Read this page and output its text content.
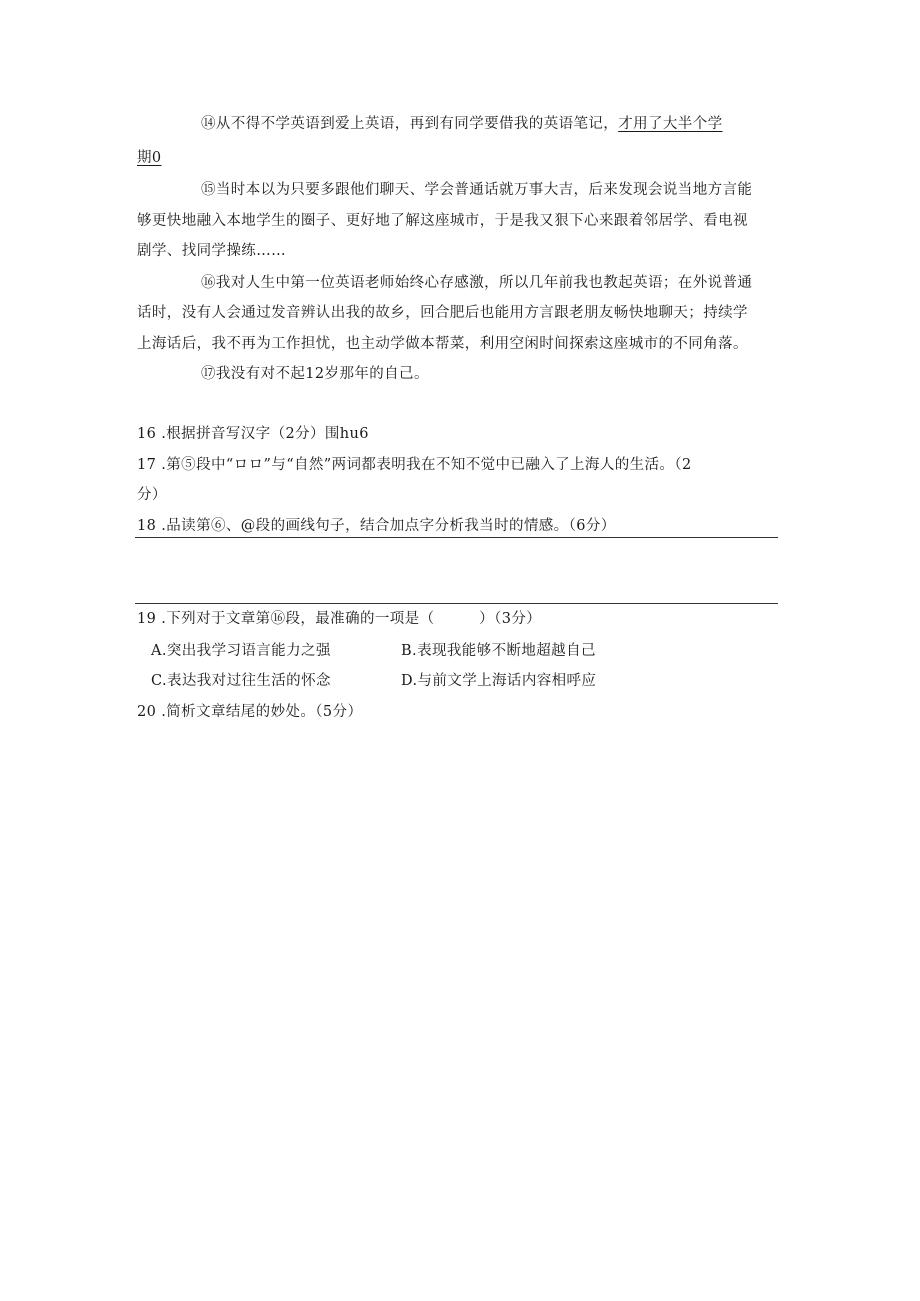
⑭从不得不学英语到爱上英语，再到有同学要借我的英语笔记，才用了大半个学
期0
⑮当时本以为只要多跟他们聊天、学会普通话就万事大吉，后来发现会说当地方言能
够更快地融入本地学生的圈子、更好地了解这座城市，于是我又狠下心来跟着邻居学、看电视
剧学、找同学操练……
⑯我对人生中第一位英语老师始终心存感激，所以几年前我也教起英语；在外说普通
话时，没有人会通过发音辨认出我的故乡，回合肥后也能用方言跟老朋友畅快地聊天；持续学
上海话后，我不再为工作担忧，也主动学做本帮菜，利用空闲时间探索这座城市的不同角落。
⑰我没有对不起12岁那年的自己。
16 .根据拼音写汉字（2分）围hu6
17 .第⑤段中“ロロ”与“自然”两词都表明我在不知不觉中已融入了上海人的生活。（2
分）
18 .品读第⑥、@段的画线句子，结合加点字分析我当时的情感。（6分）
19 .下列对于文章第⑯段，最准确的一项是（　　　）（3分）
A.突出我学习语言能力之强	B.表现我能够不断地超越自己
C.表达我对过往生活的怀念	D.与前文学上海话内容相呼应
20 .简析文章结尾的妙处。（5分）
